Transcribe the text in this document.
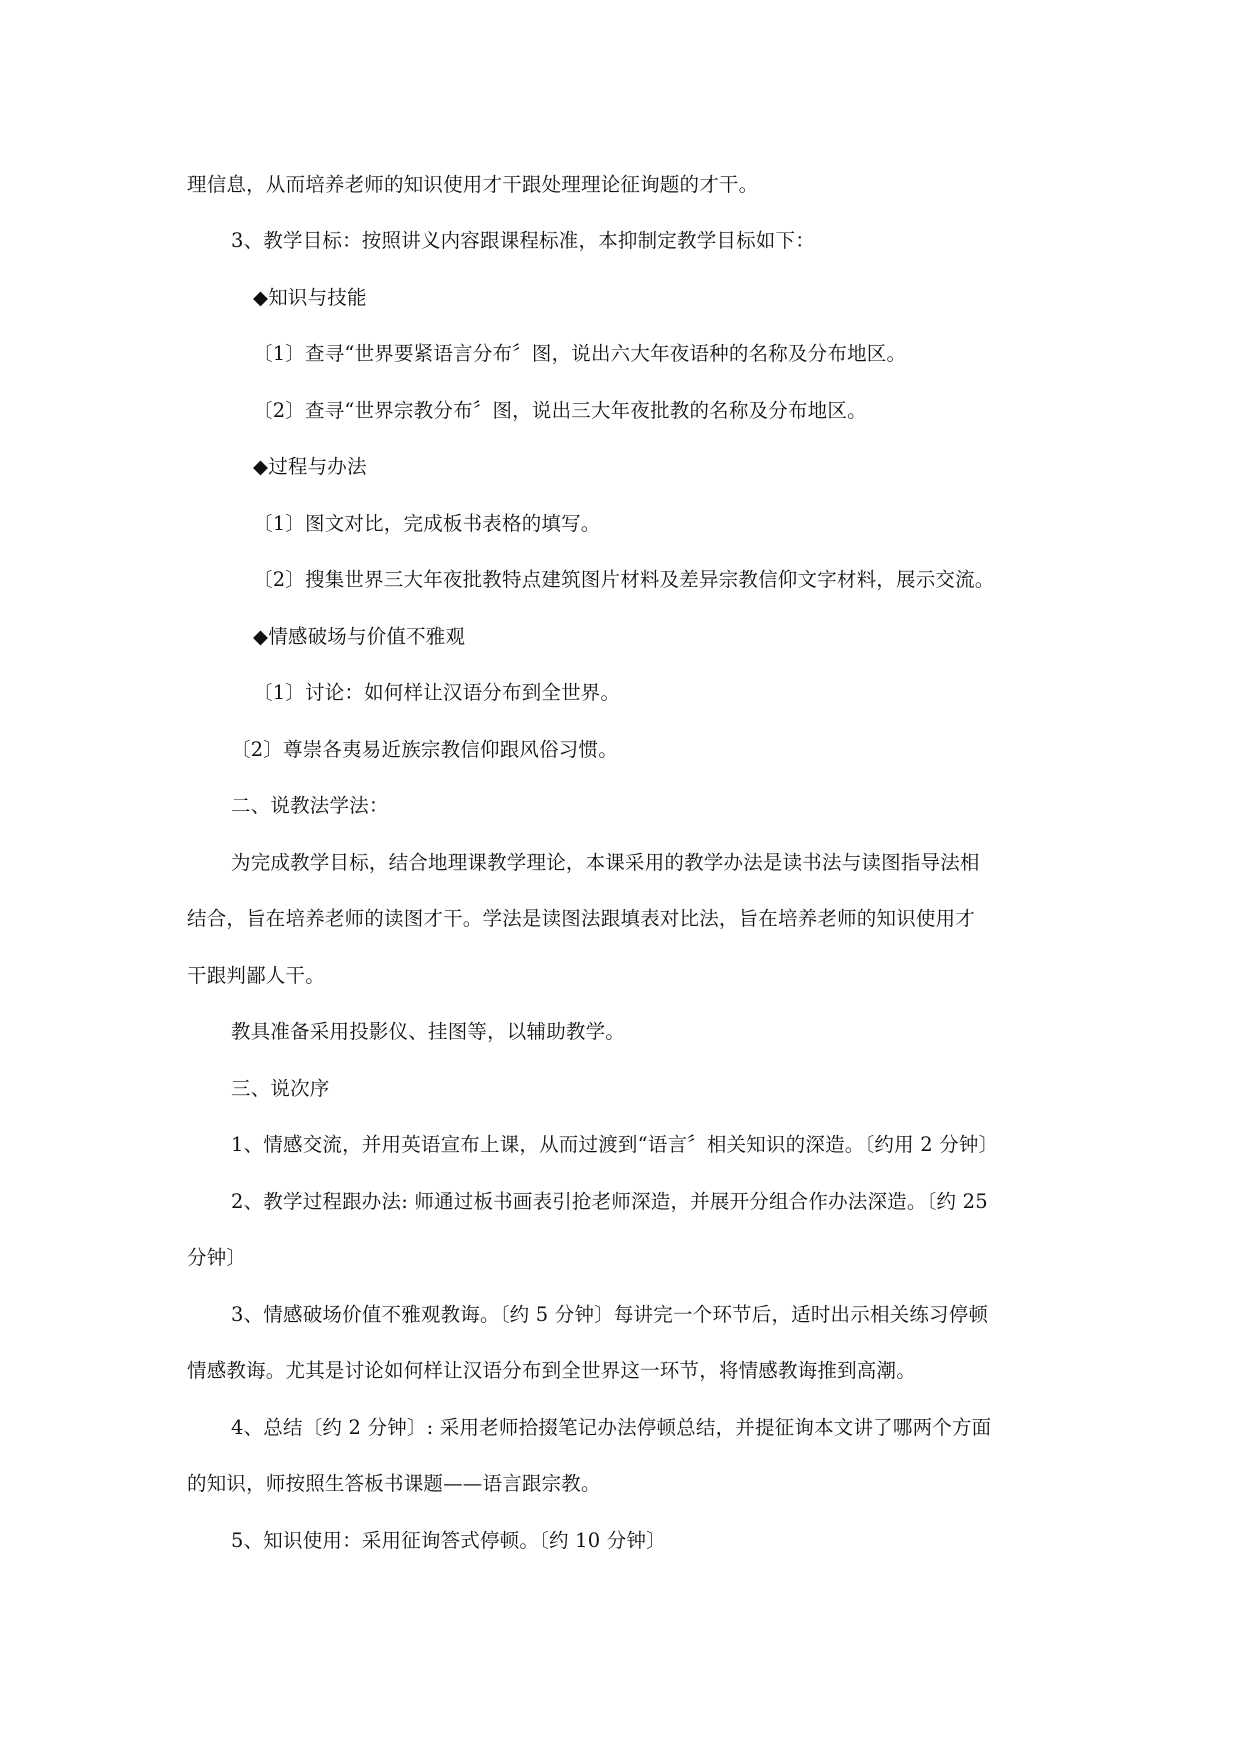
理信息，从而培养老师的知识使用才干跟处理理论征询题的才干。
3、教学目标：按照讲义内容跟课程标准，本抑制定教学目标如下：
◆知识与技能
〔1〕查寻“世界要紧语言分布〞图，说出六大年夜语种的名称及分布地区。
〔2〕查寻“世界宗教分布〞图，说出三大年夜批教的名称及分布地区。
◆过程与办法
〔1〕图文对比，完成板书表格的填写。
〔2〕搜集世界三大年夜批教特点建筑图片材料及差异宗教信仰文字材料，展示交流。
◆情感破场与价值不雅观
〔1〕讨论：如何样让汉语分布到全世界。
〔2〕尊崇各夷易近族宗教信仰跟风俗习惯。
二、说教法学法：
为完成教学目标，结合地理课教学理论，本课采用的教学办法是读书法与读图指导法相
结合，旨在培养老师的读图才干。学法是读图法跟填表对比法，旨在培养老师的知识使用才
干跟判鄙人干。
教具准备采用投影仪、挂图等，以辅助教学。
三、说次序
1、情感交流，并用英语宣布上课，从而过渡到“语言〞相关知识的深造。〔约用 2 分钟〕
2、教学过程跟办法: 师通过板书画表引抢老师深造，并展开分组合作办法深造。〔约 25
分钟〕
3、情感破场价值不雅观教诲。〔约 5 分钟〕每讲完一个环节后，适时出示相关练习停顿
情感教诲。尤其是讨论如何样让汉语分布到全世界这一环节，将情感教诲推到高潮。
4、总结〔约 2 分钟〕: 采用老师拾掇笔记办法停顿总结，并提征询本文讲了哪两个方面
的知识，师按照生答板书课题——语言跟宗教。
5、知识使用：采用征询答式停顿。〔约 10 分钟〕
